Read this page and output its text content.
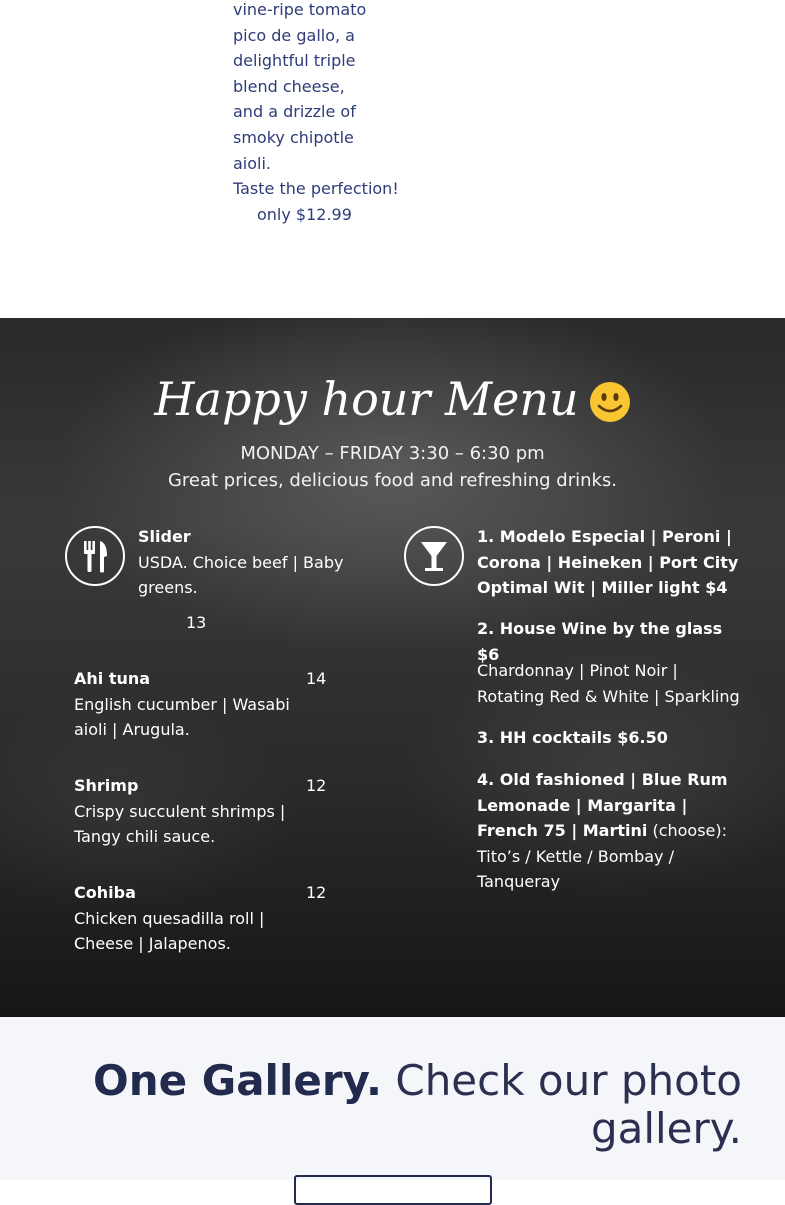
vine-ripe tomato
pico de gallo, a
delightful triple
blend cheese,
and a drizzle of
smoky chipotle
aioli.
Taste the perfection!
only $12.99
Happy hour Menu
MONDAY – FRIDAY 3:30 – 6:30 pm
Great prices, delicious food and refreshing drinks.
Slider
USDA. Choice beef | Baby greens.
13
Ahi tuna
English cucumber | Wasabi aioli | Arugula.
14
Shrimp
Crispy succulent shrimps | Tangy chili sauce.
12
Cohiba
Chicken quesadilla roll | Cheese | Jalapenos.
12
1. Modelo Especial | Peroni | Corona | Heineken | Port City Optimal Wit | Miller light $4
2. House Wine by the glass $6
Chardonnay | Pinot Noir | Rotating Red & White | Sparkling
3. HH cocktails $6.50
4. Old fashioned | Blue Rum Lemonade | Margarita | French 75 | Martini (choose):
Tito’s / Kettle / Bombay / Tanqueray
One Gallery. Check our photo gallery.
